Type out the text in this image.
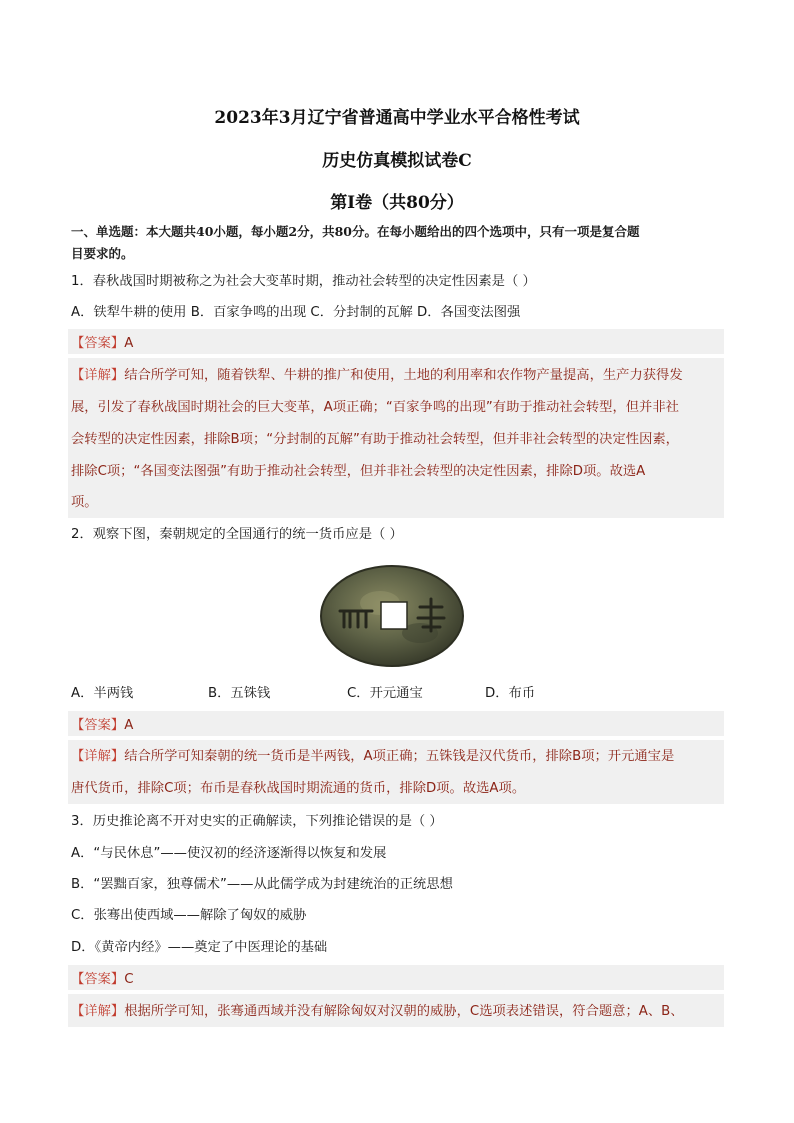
2023年3月辽宁省普通高中学业水平合格性考试
历史仿真模拟试卷C
第I卷（共80分）
一、单选题：本大题共40小题，每小题2分，共80分。在每小题给出的四个选项中，只有一项是复合题
目要求的。
1．春秋战国时期被称之为社会大变革时期，推动社会转型的决定性因素是（ ）
A．铁犁牛耕的使用 B．百家争鸣的出现 C．分封制的瓦解 D．各国变法图强
【答案】A
【详解】结合所学可知，随着铁犁、牛耕的推广和使用，土地的利用率和农作物产量提高，生产力获得发
展，引发了春秋战国时期社会的巨大变革，A项正确；“百家争鸣的出现”有助于推动社会转型，但并非社
会转型的决定性因素，排除B项；“分封制的瓦解”有助于推动社会转型，但并非社会转型的决定性因素，
排除C项；“各国变法图强”有助于推动社会转型，但并非社会转型的决定性因素，排除D项。故选A
项。
2．观察下图，秦朝规定的全国通行的统一货币应是（ ）
A．半两钱	B．五铢钱	C．开元通宝	D．布币
【答案】A
【详解】结合所学可知秦朝的统一货币是半两钱，A项正确；五铢钱是汉代货币，排除B项；开元通宝是
唐代货币，排除C项；布币是春秋战国时期流通的货币，排除D项。故选A项。
3．历史推论离不开对史实的正确解读，下列推论错误的是（ ）
A．“与民休息”——使汉初的经济逐渐得以恢复和发展
B．“罢黜百家，独尊儒术”——从此儒学成为封建统治的正统思想
C．张骞出使西域——解除了匈奴的威胁
D．《黄帝内经》——奠定了中医理论的基础
【答案】C
【详解】根据所学可知，张骞通西域并没有解除匈奴对汉朝的威胁，C选项表述错误，符合题意；A、B、
